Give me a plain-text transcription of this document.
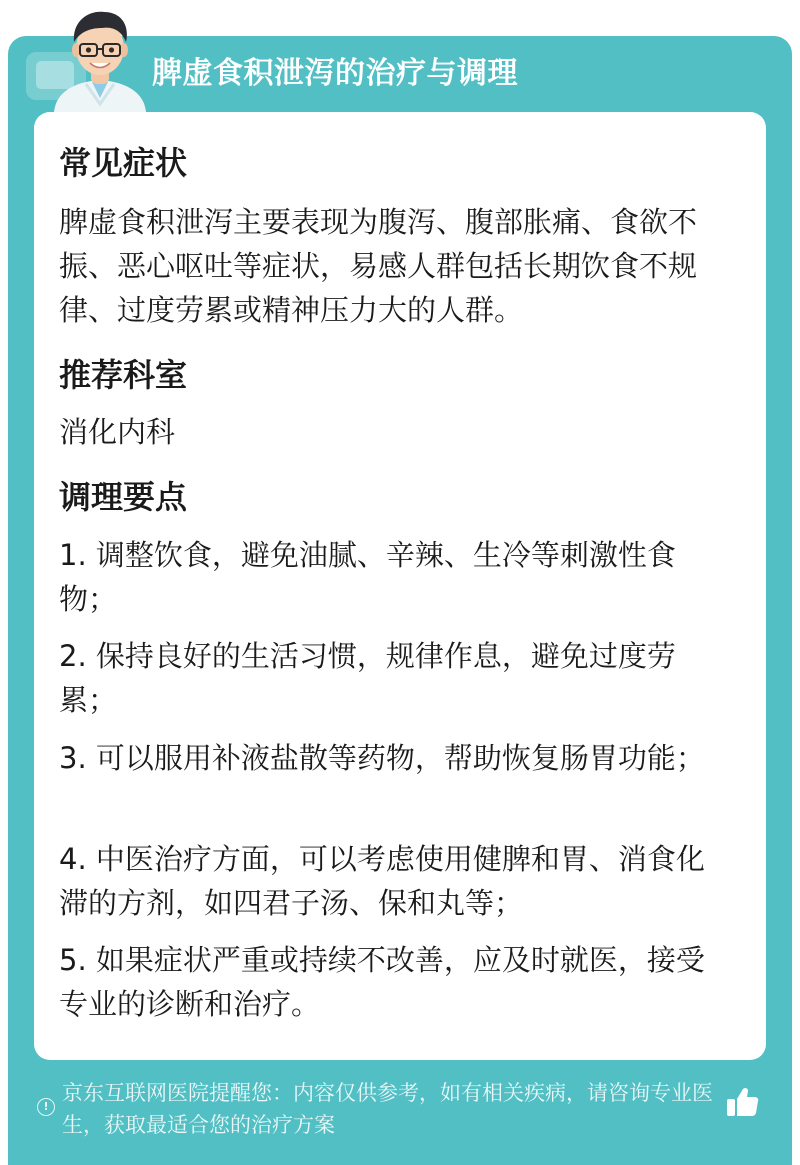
脾虚食积泄泻的治疗与调理
常见症状
脾虚食积泄泻主要表现为腹泻、腹部胀痛、食欲不振、恶心呕吐等症状，易感人群包括长期饮食不规律、过度劳累或精神压力大的人群。
推荐科室
消化内科
调理要点
1. 调整饮食，避免油腻、辛辣、生冷等刺激性食物；
2. 保持良好的生活习惯，规律作息，避免过度劳累；
3. 可以服用补液盐散等药物，帮助恢复肠胃功能；
4. 中医治疗方面，可以考虑使用健脾和胃、消食化滞的方剂，如四君子汤、保和丸等；
5. 如果症状严重或持续不改善，应及时就医，接受专业的诊断和治疗。
!
京东互联网医院提醒您：内容仅供参考，如有相关疾病，请咨询专业医生，获取最适合您的治疗方案
